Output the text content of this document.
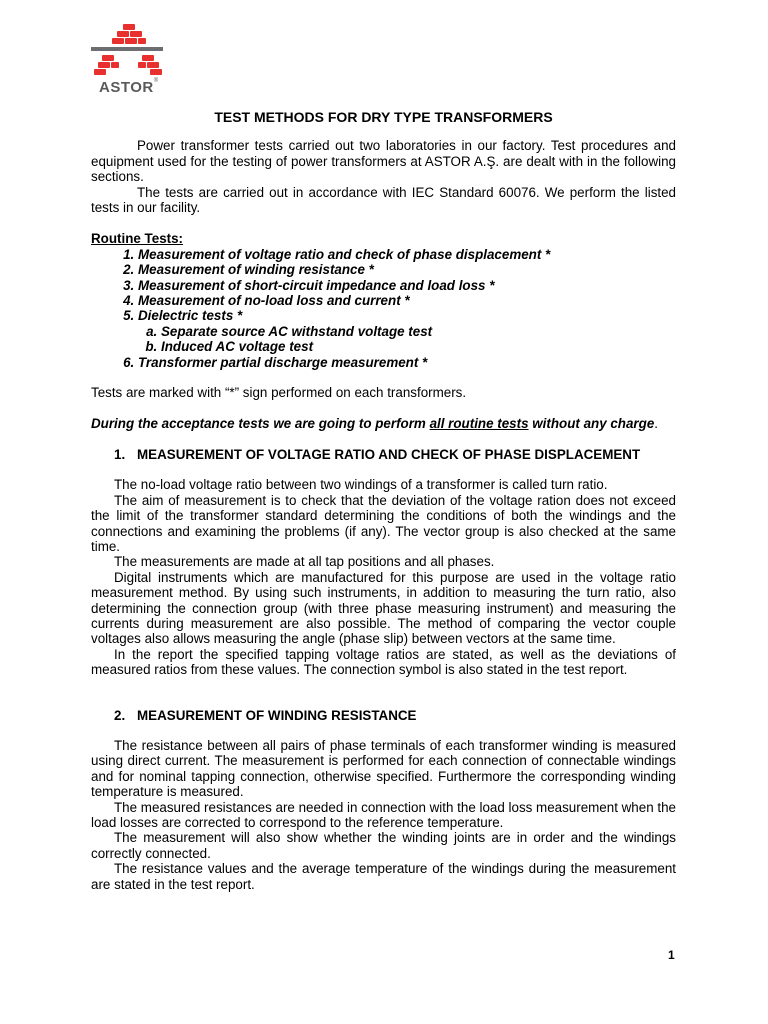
ASTOR®

TEST METHODS FOR DRY TYPE TRANSFORMERS

Power transformer tests carried out two laboratories in our factory. Test procedures and equipment used for the testing of power transformers at ASTOR A.Ş. are dealt with in the following sections.

The tests are carried out in accordance with IEC Standard 60076. We perform the listed tests in our facility.

Routine Tests:

1. Measurement of voltage ratio and check of phase displacement *
2. Measurement of winding resistance *
3. Measurement of short-circuit impedance and load loss *
4. Measurement of no-load loss and current *
5. Dielectric tests *
a. Separate source AC withstand voltage test
b. Induced AC voltage test
6. Transformer partial discharge measurement *

Tests are marked with “*” sign performed on each transformers.

During the acceptance tests we are going to perform all routine tests without any charge.

1. MEASUREMENT OF VOLTAGE RATIO AND CHECK OF PHASE DISPLACEMENT

The no-load voltage ratio between two windings of a transformer is called turn ratio.

The aim of measurement is to check that the deviation of the voltage ration does not exceed the limit of the transformer standard determining the conditions of both the windings and the connections and examining the problems (if any). The vector group is also checked at the same time.

The measurements are made at all tap positions and all phases.

Digital instruments which are manufactured for this purpose are used in the voltage ratio measurement method. By using such instruments, in addition to measuring the turn ratio, also determining the connection group (with three phase measuring instrument) and measuring the currents during measurement are also possible. The method of comparing the vector couple voltages also allows measuring the angle (phase slip) between vectors at the same time.

In the report the specified tapping voltage ratios are stated, as well as the deviations of measured ratios from these values. The connection symbol is also stated in the test report.

2. MEASUREMENT OF WINDING RESISTANCE

The resistance between all pairs of phase terminals of each transformer winding is measured using direct current. The measurement is performed for each connection of connectable windings and for nominal tapping connection, otherwise specified. Furthermore the corresponding winding temperature is measured.

The measured resistances are needed in connection with the load loss measurement when the load losses are corrected to correspond to the reference temperature.

The measurement will also show whether the winding joints are in order and the windings correctly connected.

The resistance values and the average temperature of the windings during the measurement are stated in the test report.

1
